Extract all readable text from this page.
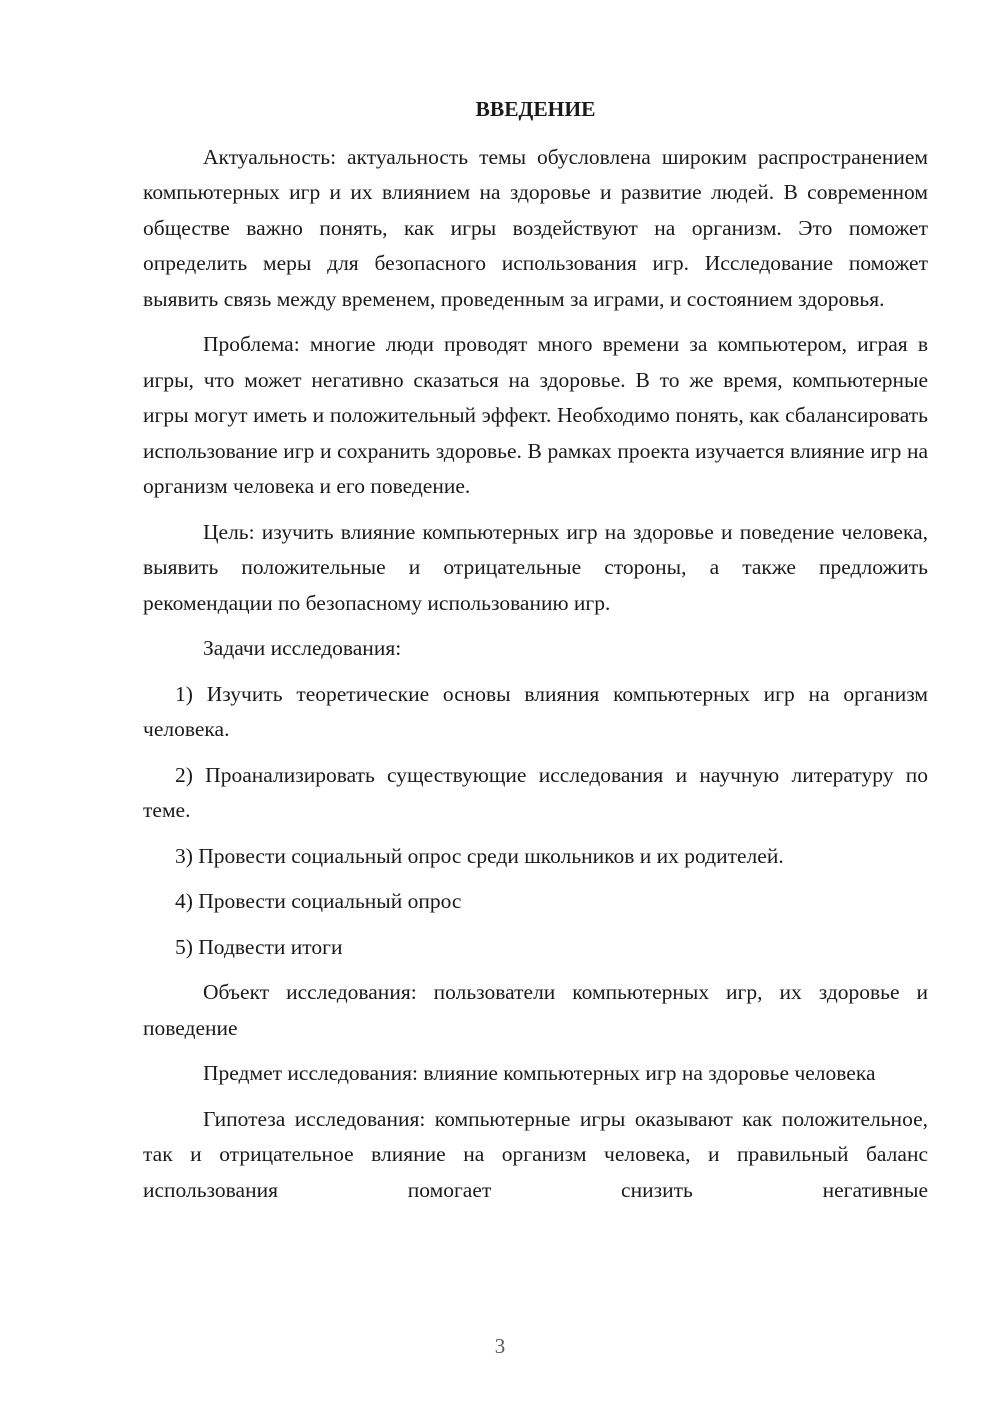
ВВЕДЕНИЕ

Актуальность: актуальность темы обусловлена широким распространением компьютерных игр и их влиянием на здоровье и развитие людей. В современном обществе важно понять, как игры воздействуют на организм. Это поможет определить меры для безопасного использования игр. Исследование поможет выявить связь между временем, проведенным за играми, и состоянием здоровья.

Проблема: многие люди проводят много времени за компьютером, играя в игры, что может негативно сказаться на здоровье. В то же время, компьютерные игры могут иметь и положительный эффект. Необходимо понять, как сбалансировать использование игр и сохранить здоровье. В рамках проекта изучается влияние игр на организм человека и его поведение.

Цель: изучить влияние компьютерных игр на здоровье и поведение человека, выявить положительные и отрицательные стороны, а также предложить рекомендации по безопасному использованию игр.

Задачи исследования:

1) Изучить теоретические основы влияния компьютерных игр на организм человека.

2) Проанализировать существующие исследования и научную литературу по теме.

3) Провести социальный опрос среди школьников и их родителей.

4) Провести социальный опрос

5) Подвести итоги

Объект исследования: пользователи компьютерных игр, их здоровье и поведение

Предмет исследования: влияние компьютерных игр на здоровье человека

Гипотеза исследования: компьютерные игры оказывают как положительное, так и отрицательное влияние на организм человека, и правильный баланс использования помогает снизить негативные

3
